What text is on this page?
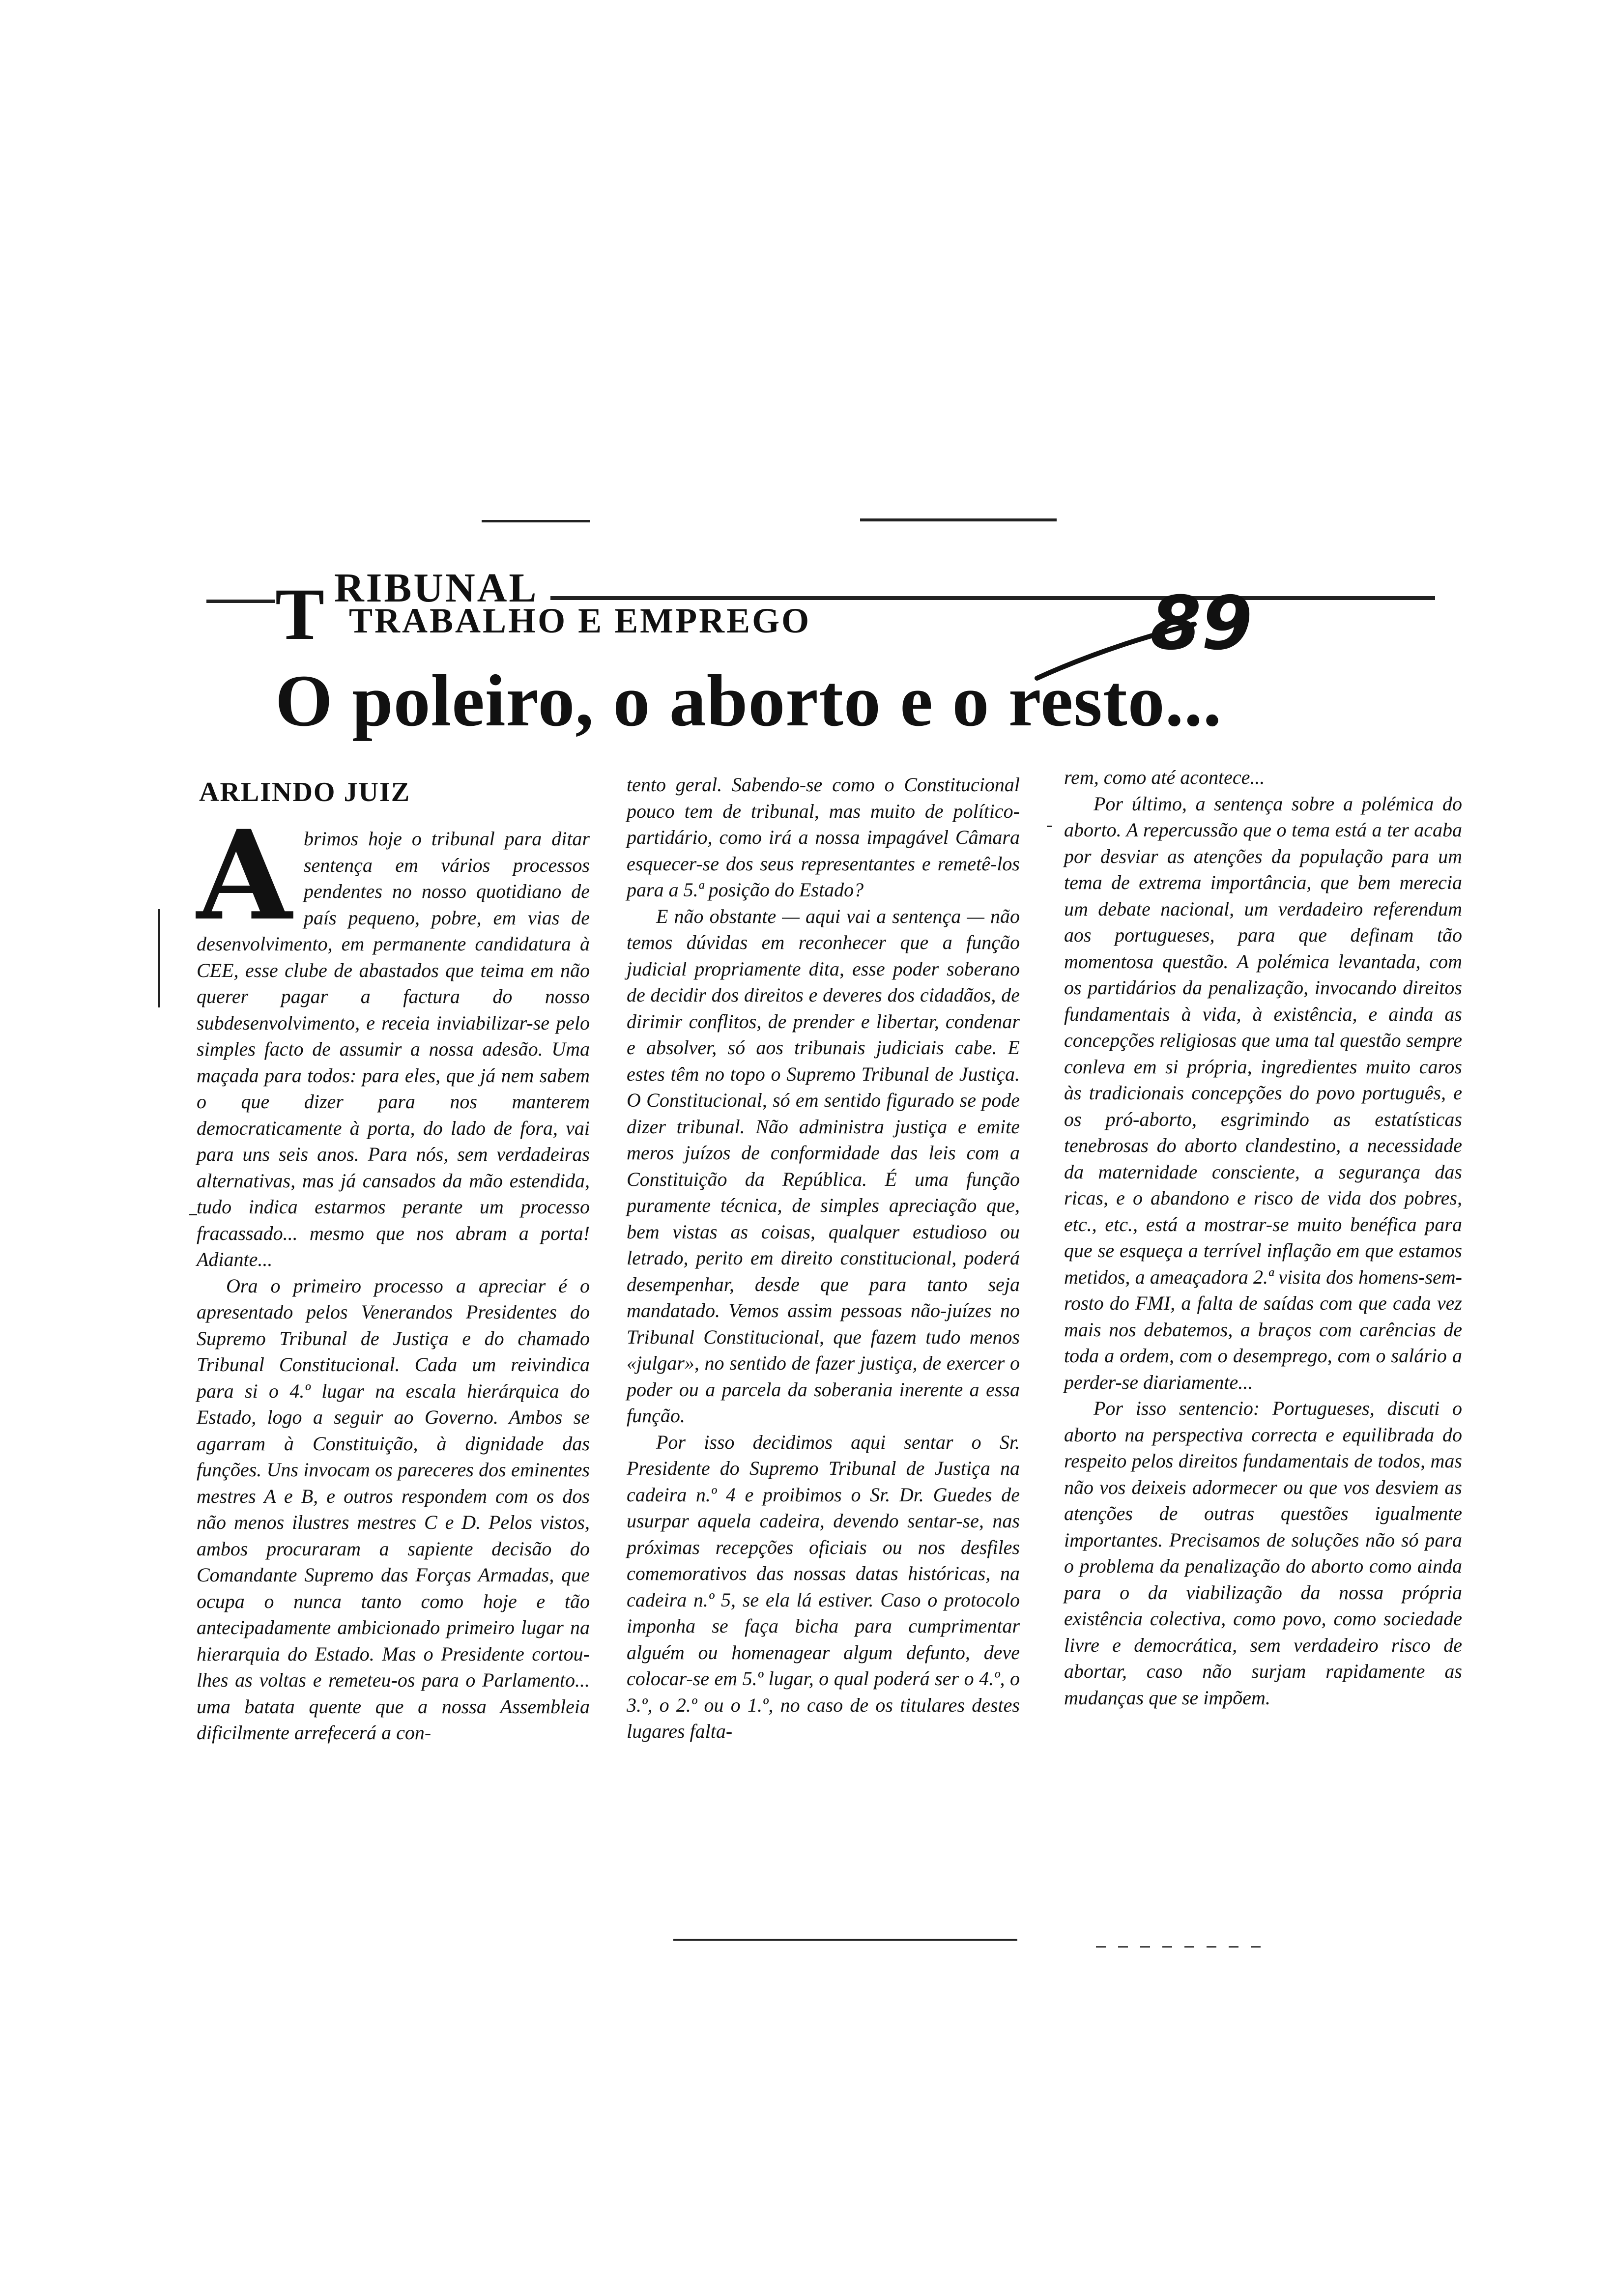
T RIBUNAL
TRABALHO E EMPREGO	89
O poleiro, o aborto e o resto...
ARLINDO JUIZ
A brimos hoje o tribunal para ditar sentença em vários processos pendentes no nosso quotidiano de país pequeno, pobre, em vias de desenvolvimento, em permanente candidatura à CEE, esse clube de abastados que teima em não querer pagar a factura do nosso subdesenvolvimento, e receia inviabilizar-se pelo simples facto de assumir a nossa adesão. Uma maçada para todos: para eles, que já nem sabem o que dizer para nos manterem democraticamente à porta, do lado de fora, vai para uns seis anos. Para nós, sem verdadeiras alternativas, mas já cansados da mão estendida, tudo indica estarmos perante um processo fracassado... mesmo que nos abram a porta! Adiante...

Ora o primeiro processo a apreciar é o apresentado pelos Venerandos Presidentes do Supremo Tribunal de Justiça e do chamado Tribunal Constitucional. Cada um reivindica para si o 4.º lugar na escala hierárquica do Estado, logo a seguir ao Governo. Ambos se agarram à Constituição, à dignidade das funções. Uns invocam os pareceres dos eminentes mestres A e B, e outros respondem com os dos não menos ilustres mestres C e D. Pelos vistos, ambos procuraram a sapiente decisão do Comandante Supremo das Forças Armadas, que ocupa o nunca tanto como hoje e tão antecipadamente ambicionado primeiro lugar na hierarquia do Estado. Mas o Presidente cortou-lhes as voltas e remeteu-os para o Parlamento... uma batata quente que a nossa Assembleia dificilmente arrefecerá a con-

tento geral. Sabendo-se como o Constitucional pouco tem de tribunal, mas muito de político-partidário, como irá a nossa impagável Câmara esquecer-se dos seus representantes e remetê-los para a 5.ª posição do Estado?

E não obstante — aqui vai a sentença — não temos dúvidas em reconhecer que a função judicial propriamente dita, esse poder soberano de decidir dos direitos e deveres dos cidadãos, de dirimir conflitos, de prender e libertar, condenar e absolver, só aos tribunais judiciais cabe. E estes têm no topo o Supremo Tribunal de Justiça. O Constitucional, só em sentido figurado se pode dizer tribunal. Não administra justiça e emite meros juízos de conformidade das leis com a Constituição da República. É uma função puramente técnica, de simples apreciação que, bem vistas as coisas, qualquer estudioso ou letrado, perito em direito constitucional, poderá desempenhar, desde que para tanto seja mandatado. Vemos assim pessoas não-juízes no Tribunal Constitucional, que fazem tudo menos «julgar», no sentido de fazer justiça, de exercer o poder ou a parcela da soberania inerente a essa função.

Por isso decidimos aqui sentar o Sr. Presidente do Supremo Tribunal de Justiça na cadeira n.º 4 e proibimos o Sr. Dr. Guedes de usurpar aquela cadeira, devendo sentar-se, nas próximas recepções oficiais ou nos desfiles comemorativos das nossas datas históricas, na cadeira n.º 5, se ela lá estiver. Caso o protocolo imponha se faça bicha para cumprimentar alguém ou homenagear algum defunto, deve colocar-se em 5.º lugar, o qual poderá ser o 4.º, o 3.º, o 2.º ou o 1.º, no caso de os titulares destes lugares falta-

rem, como até acontece...

Por último, a sentença sobre a polémica do aborto. A repercussão que o tema está a ter acaba por desviar as atenções da população para um tema de extrema importância, que bem merecia um debate nacional, um verdadeiro referendum aos portugueses, para que definam tão momentosa questão. A polémica levantada, com os partidários da penalização, invocando direitos fundamentais à vida, à existência, e ainda as concepções religiosas que uma tal questão sempre conleva em si própria, ingredientes muito caros às tradicionais concepções do povo português, e os pró-aborto, esgrimindo as estatísticas tenebrosas do aborto clandestino, a necessidade da maternidade consciente, a segurança das ricas, e o abandono e risco de vida dos pobres, etc., etc., está a mostrar-se muito benéfica para que se esqueça a terrível inflação em que estamos metidos, a ameaçadora 2.ª visita dos homens-sem-rosto do FMI, a falta de saídas com que cada vez mais nos debatemos, a braços com carências de toda a ordem, com o desemprego, com o salário a perder-se diariamente...

Por isso sentencio: Portugueses, discuti o aborto na perspectiva correcta e equilibrada do respeito pelos direitos fundamentais de todos, mas não vos deixeis adormecer ou que vos desviem as atenções de outras questões igualmente importantes. Precisamos de soluções não só para o problema da penalização do aborto como ainda para o da viabilização da nossa própria existência colectiva, como povo, como sociedade livre e democrática, sem verdadeiro risco de abortar, caso não surjam rapidamente as mudanças que se impõem.
